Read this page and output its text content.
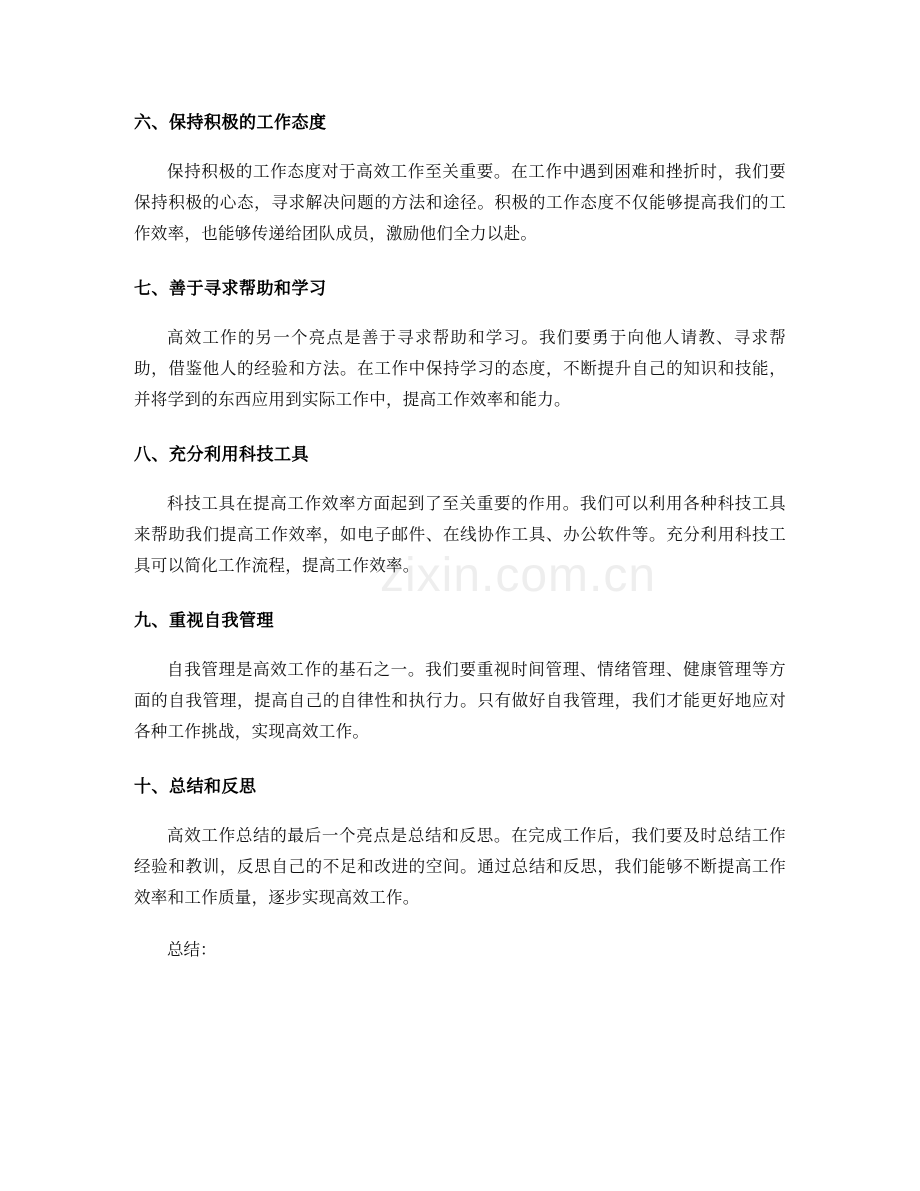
六、保持积极的工作态度

保持积极的工作态度对于高效工作至关重要。在工作中遇到困难和挫折时，我们要保持积极的心态，寻求解决问题的方法和途径。积极的工作态度不仅能够提高我们的工作效率，也能够传递给团队成员，激励他们全力以赴。

七、善于寻求帮助和学习

高效工作的另一个亮点是善于寻求帮助和学习。我们要勇于向他人请教、寻求帮助，借鉴他人的经验和方法。在工作中保持学习的态度，不断提升自己的知识和技能，并将学到的东西应用到实际工作中，提高工作效率和能力。

八、充分利用科技工具

科技工具在提高工作效率方面起到了至关重要的作用。我们可以利用各种科技工具来帮助我们提高工作效率，如电子邮件、在线协作工具、办公软件等。充分利用科技工具可以简化工作流程，提高工作效率。

九、重视自我管理

自我管理是高效工作的基石之一。我们要重视时间管理、情绪管理、健康管理等方面的自我管理，提高自己的自律性和执行力。只有做好自我管理，我们才能更好地应对各种工作挑战，实现高效工作。

十、总结和反思

高效工作总结的最后一个亮点是总结和反思。在完成工作后，我们要及时总结工作经验和教训，反思自己的不足和改进的空间。通过总结和反思，我们能够不断提高工作效率和工作质量，逐步实现高效工作。

总结：

zixin.com.cn
